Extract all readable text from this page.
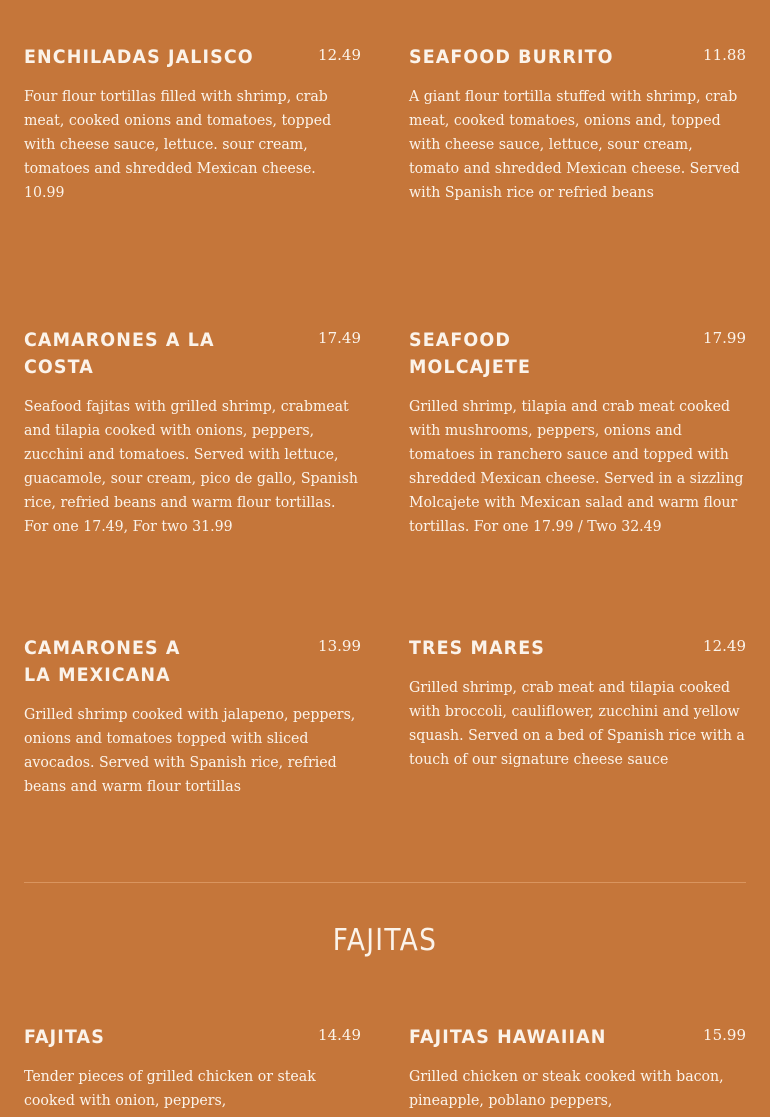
ENCHILADAS JALISCO	12.49
Four flour tortillas filled with shrimp, crab meat, cooked onions and tomatoes, topped with cheese sauce, lettuce. sour cream, tomatoes and shredded Mexican cheese. 10.99
SEAFOOD BURRITO	11.88
A giant flour tortilla stuffed with shrimp, crab meat, cooked tomatoes, onions and, topped with cheese sauce, lettuce, sour cream, tomato and shredded Mexican cheese. Served with Spanish rice or refried beans
CAMARONES A LA COSTA
17.49
Seafood fajitas with grilled shrimp, crabmeat and tilapia cooked with onions, peppers, zucchini and tomatoes. Served with lettuce, guacamole, sour cream, pico de gallo, Spanish rice, refried beans and warm flour tortillas. For one 17.49, For two 31.99
SEAFOOD MOLCAJETE
17.99
Grilled shrimp, tilapia and crab meat cooked with mushrooms, peppers, onions and tomatoes in ranchero sauce and topped with shredded Mexican cheese. Served in a sizzling Molcajete with Mexican salad and warm flour tortillas. For one 17.99 / Two 32.49
CAMARONES A LA MEXICANA
13.99
Grilled shrimp cooked with jalapeno, peppers, onions and tomatoes topped with sliced avocados. Served with Spanish rice, refried beans and warm flour tortillas
TRES MARES	12.49
Grilled shrimp, crab meat and tilapia cooked with broccoli, cauliflower, zucchini and yellow squash. Served on a bed of Spanish rice with a touch of our signature cheese sauce
FAJITAS	14.49
Tender pieces of grilled chicken or steak cooked with onion, peppers,
FAJITAS HAWAIIAN	15.99
Grilled chicken or steak cooked with bacon, pineapple, poblano peppers,
FAJITAS
